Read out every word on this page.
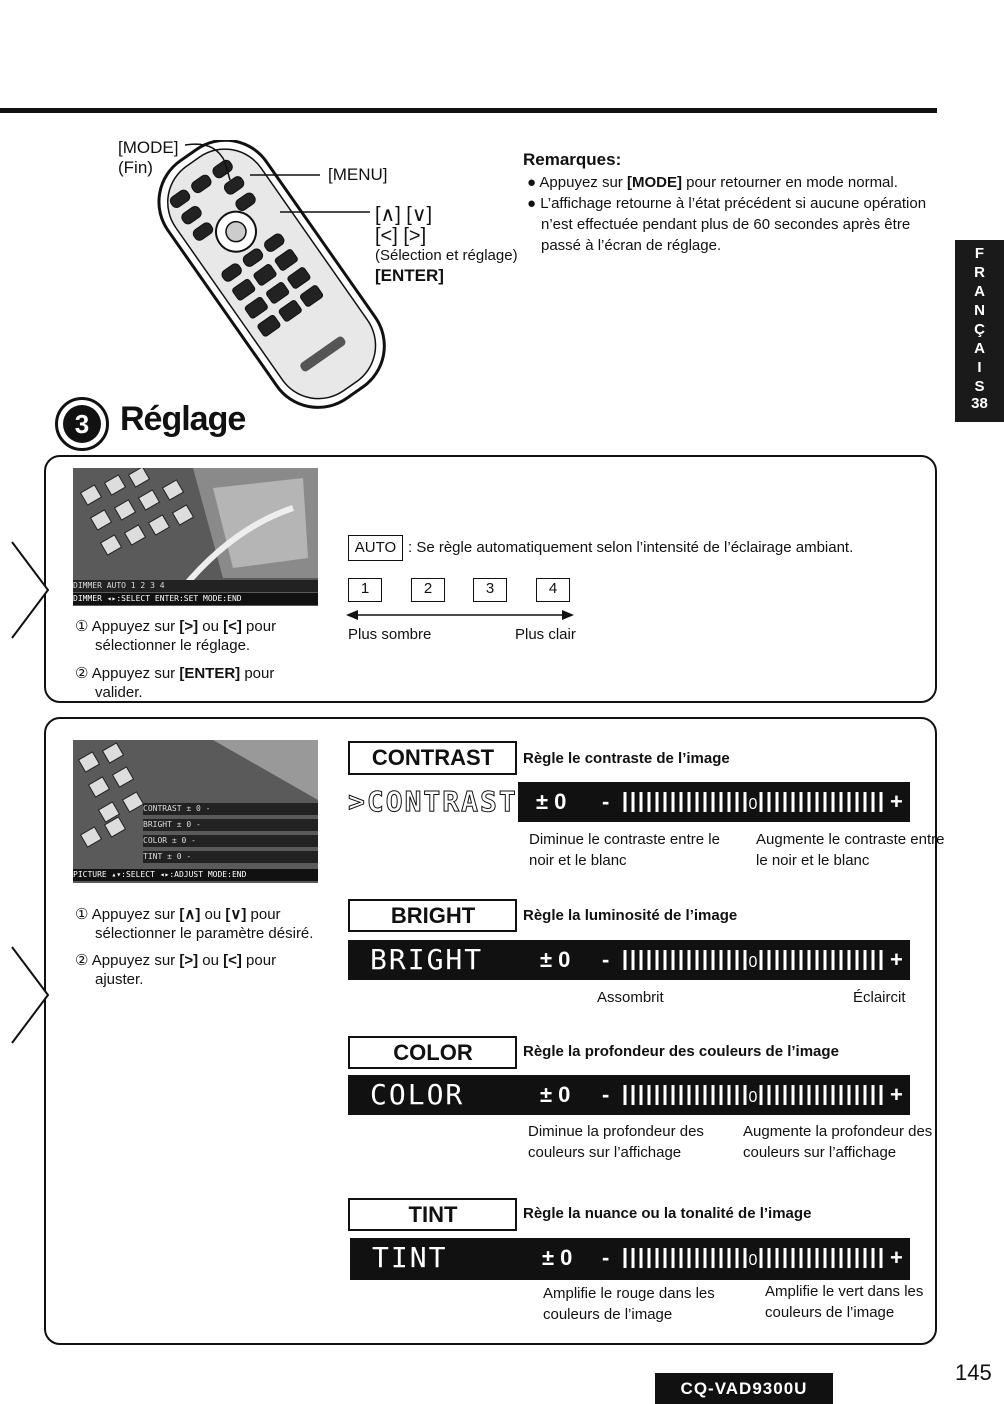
[MODE]
(Fin)	[MENU]
[∧] [∨]
[<] [>]
(Sélection et réglage)
[ENTER]
Remarques:
● Appuyez sur [MODE] pour retourner en mode normal.
● L’affichage retourne à l’état précédent si aucune opération n’est effectuée pendant plus de 60 secondes après être passé à l’écran de réglage.	F
R
A
N
Ç
A
I
S
38
3 Réglage
DIMMER AUTO 1 2 3 4
DIMMER ◂▸:SELECT ENTER:SET MODE:END
① Appuyez sur [>] ou [<] pour sélectionner le réglage.
② Appuyez sur [ENTER] pour valider.
AUTO : Se règle automatiquement selon l’intensité de l’éclairage ambiant.
1	2	3	4
Plus sombre	Plus clair
CONTRAST ± 0 -
BRIGHT ± 0 -
COLOR ± 0 -
TINT ± 0 -
PICTURE ▴▾:SELECT ◂▸:ADJUST MODE:END
① Appuyez sur [∧] ou [∨] pour sélectionner le paramètre désiré.
② Appuyez sur [>] ou [<] pour ajuster.
CONTRAST	Règle le contraste de l’image
>CONTRAST ± 0 -	0	+
Diminue le contraste entre le noir et le blanc
Augmente le contraste entre le noir et le blanc
BRIGHT	Règle la luminosité de l’image
BRIGHT	± 0 -	0	+
Assombrit	Éclaircit
COLOR	Règle la profondeur des couleurs de l’image
COLOR	± 0 -	0	+
Diminue la profondeur des couleurs sur l’affichage
Augmente la profondeur des couleurs sur l’affichage
TINT	Règle la nuance ou la tonalité de l’image
TINT	± 0 -	0	+
Amplifie le rouge dans les couleurs de l’image
Amplifie le vert dans les couleurs de l’image
CQ-VAD9300U
145
